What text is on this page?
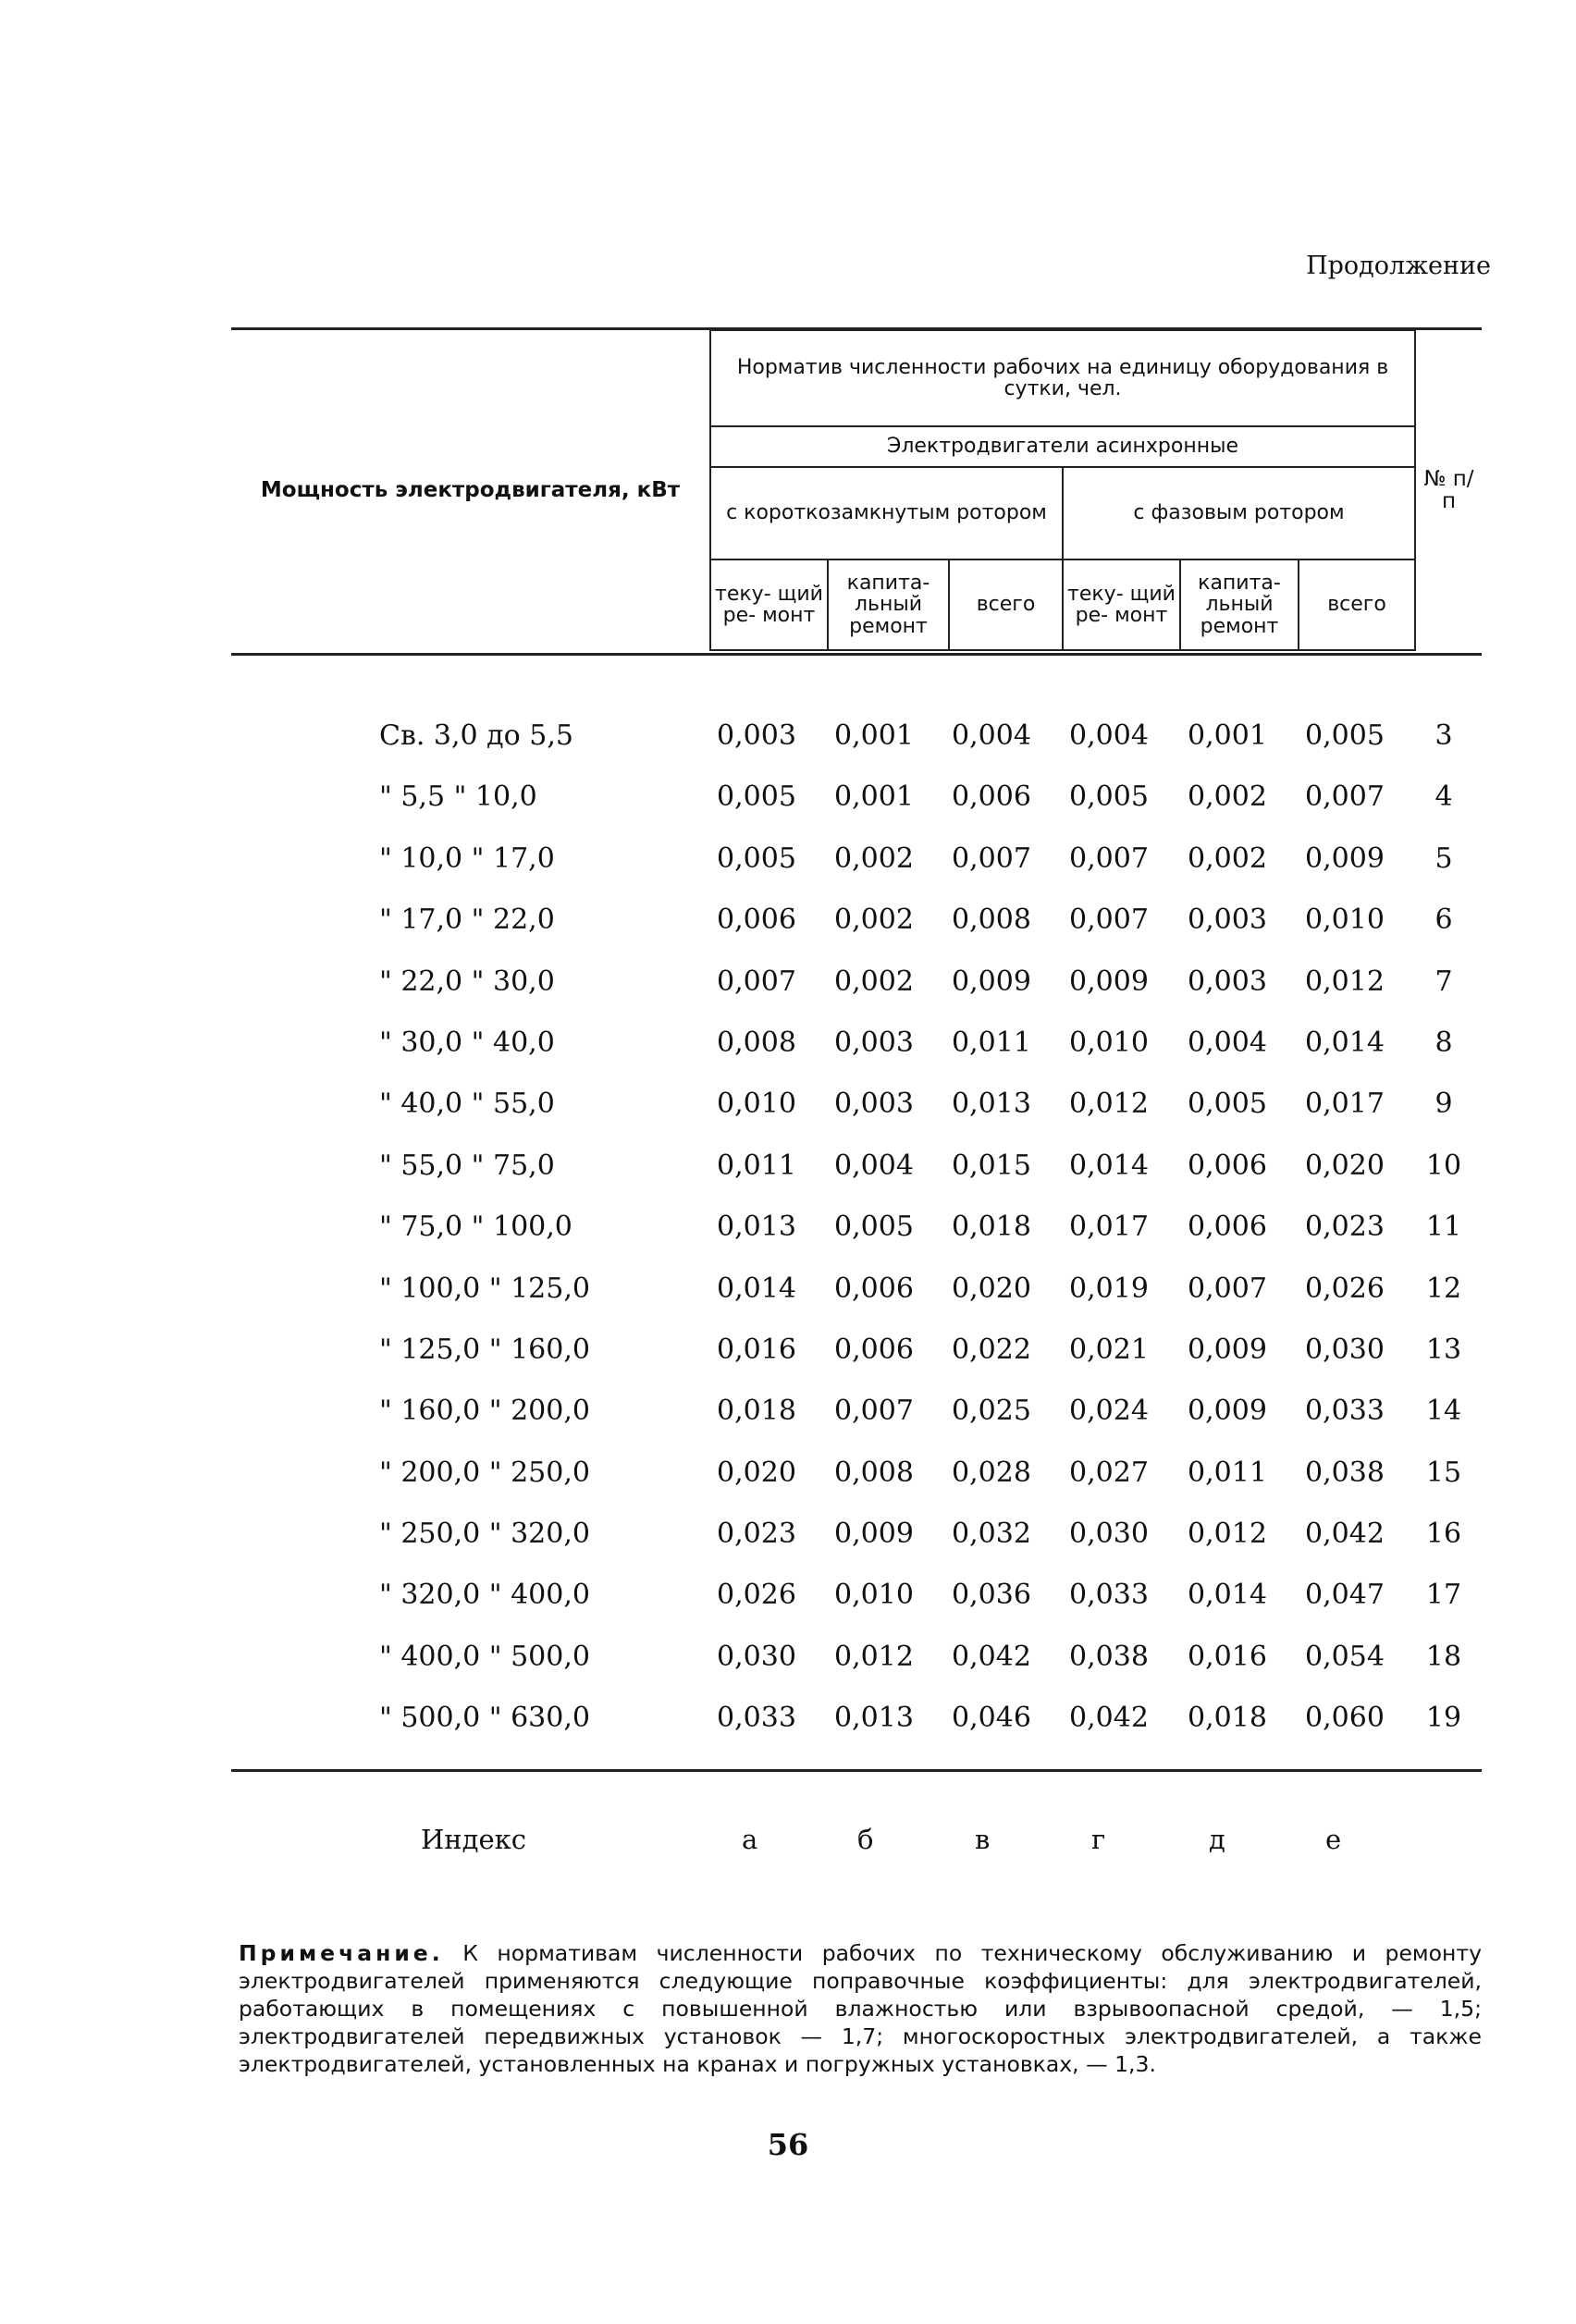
Продолжение
Мощность электродвигателя, кВт	Норматив численности рабочих на единицу оборудования в сутки, чел.						№ п/п
	Электродвигатели асинхронные						
	с короткозамкнутым ротором			с фазовым ротором			
	теку- щий ре- монт	капита- льный ремонт	всего	теку- щий ре- монт	капита- льный ремонт	всего	
Св. 3,0 до 5,5	0,003	0,001	0,004	0,004	0,001	0,005	3
" 5,5 " 10,0	0,005	0,001	0,006	0,005	0,002	0,007	4
" 10,0 " 17,0	0,005	0,002	0,007	0,007	0,002	0,009	5
" 17,0 " 22,0	0,006	0,002	0,008	0,007	0,003	0,010	6
" 22,0 " 30,0	0,007	0,002	0,009	0,009	0,003	0,012	7
" 30,0 " 40,0	0,008	0,003	0,011	0,010	0,004	0,014	8
" 40,0 " 55,0	0,010	0,003	0,013	0,012	0,005	0,017	9
" 55,0 " 75,0	0,011	0,004	0,015	0,014	0,006	0,020	10
" 75,0 " 100,0	0,013	0,005	0,018	0,017	0,006	0,023	11
" 100,0 " 125,0	0,014	0,006	0,020	0,019	0,007	0,026	12
" 125,0 " 160,0	0,016	0,006	0,022	0,021	0,009	0,030	13
" 160,0 " 200,0	0,018	0,007	0,025	0,024	0,009	0,033	14
" 200,0 " 250,0	0,020	0,008	0,028	0,027	0,011	0,038	15
" 250,0 " 320,0	0,023	0,009	0,032	0,030	0,012	0,042	16
" 320,0 " 400,0	0,026	0,010	0,036	0,033	0,014	0,047	17
" 400,0 " 500,0	0,030	0,012	0,042	0,038	0,016	0,054	18
" 500,0 " 630,0	0,033	0,013	0,046	0,042	0,018	0,060	19
Индекс	а	б	в	г	д	е
Примечание. К нормативам численности рабочих по техническому обслуживанию и ремонту электродвигателей применяются следующие поправочные коэффициенты: для электродвигателей, работающих в помещениях с повышенной влажностью или взрывоопасной средой, — 1,5; электродвигателей передвижных установок — 1,7; многоскоростных электродвигателей, а также электродвигателей, установленных на кранах и погружных установках, — 1,3.
56
